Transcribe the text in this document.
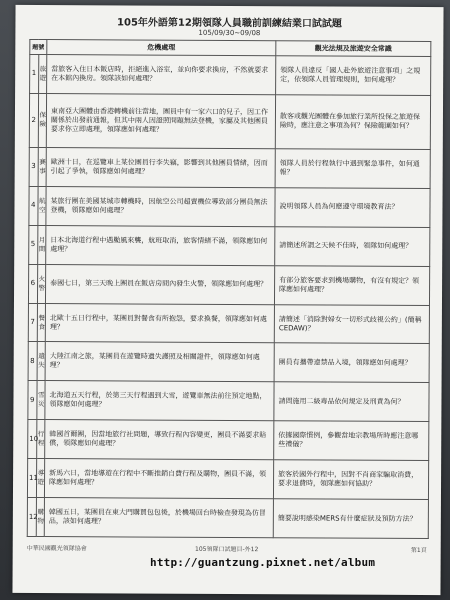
105年外語第12期領隊人員職前訓練結業口試試題
105/09/30~09/08
題號		危機處理	觀光法規及旅遊安全常識
1	旅遊	當旅客入住日本飯店時，拒絕進入浴室，並向你要求換房，不然就要求在本館內換房。領隊該如何處理？	領隊人員違反「國人赴外旅遊注意事項」之規定，依領隊人員管理規則，如何處理？
2	保險	東南亞大團體由香港轉機前往當地，團員中有一家六口的兒子，因工作關係於出發前通報，但其中兩人因證照問題無法登機，家屬及其他團員要求你立即處理，領隊應如何處理？	散客或觀光團體在參加旅行業所投保之旅遊保險時，應注意之事項為何？保險範圍如何？
3	賽事	歐洲十日，在巡覽車上某位團員行李失竊，影響到其他團員情緒，因而引起了爭執，領隊應如何處理？	領隊人員於行程執行中遇到緊急事件，如何通報？
4	航空	某旅行團在美國某城市轉機時，因航空公司超賣機位導致部分團員無法登機，領隊應如何處理？	說明領隊人員為何應遵守環境教育法？
5	月間	日本北海道行程中遇颱風來襲，航班取消，旅客情緒不滿，領隊應如何處理？	請簡述所謂之天候不佳時，領隊如何處理？
6	火警	泰國七日，第三天晚上團員在飯店房間內發生火警，領隊應如何處理？	有部分旅客要求到機場購物，有沒有規定？領隊應如何處理？
7	餐食	北歐十五日行程中，某團員對餐食有所抱怨，要求換餐，領隊應如何處理？	請簡述「消除對婦女一切形式歧視公約」(簡稱CEDAW)？
8	遺失	大陸江南之旅，某團員在遊覽時遺失護照及相關證件，領隊應如何處理？	團員有攜帶違禁品入境，領隊應如何處理？
9	雪災	北海道五天行程，於第三天行程遇到大雪，遊覽車無法前往預定地點，領隊應如何處理？	請問施用二級毒品依何規定及刑責為何？
10	行程	韓國首爾團，因當地旅行社問題，導致行程內容變更，團員不滿要求賠償，領隊應如何處理？	依據國際慣例，參觀當地宗教場所時應注意哪些禮儀？
11	導遊	新馬六日，當地導遊在行程中不斷推銷自費行程及購物，團員不滿，領隊應如何處理？	旅客於國外行程中，因對不肖商家騙取消費，要求退費時，領隊應如何協助？
12	購物	韓國五日，某團員在東大門購買包包後，於機場回台時檢查發現為仿冒品，該如何處理？	簡要說明感染MERS有什麼症狀及預防方法？
中華民國觀光領隊協會	105領隊口試題目-外12	第1頁
http://guantzung.pixnet.net/album
